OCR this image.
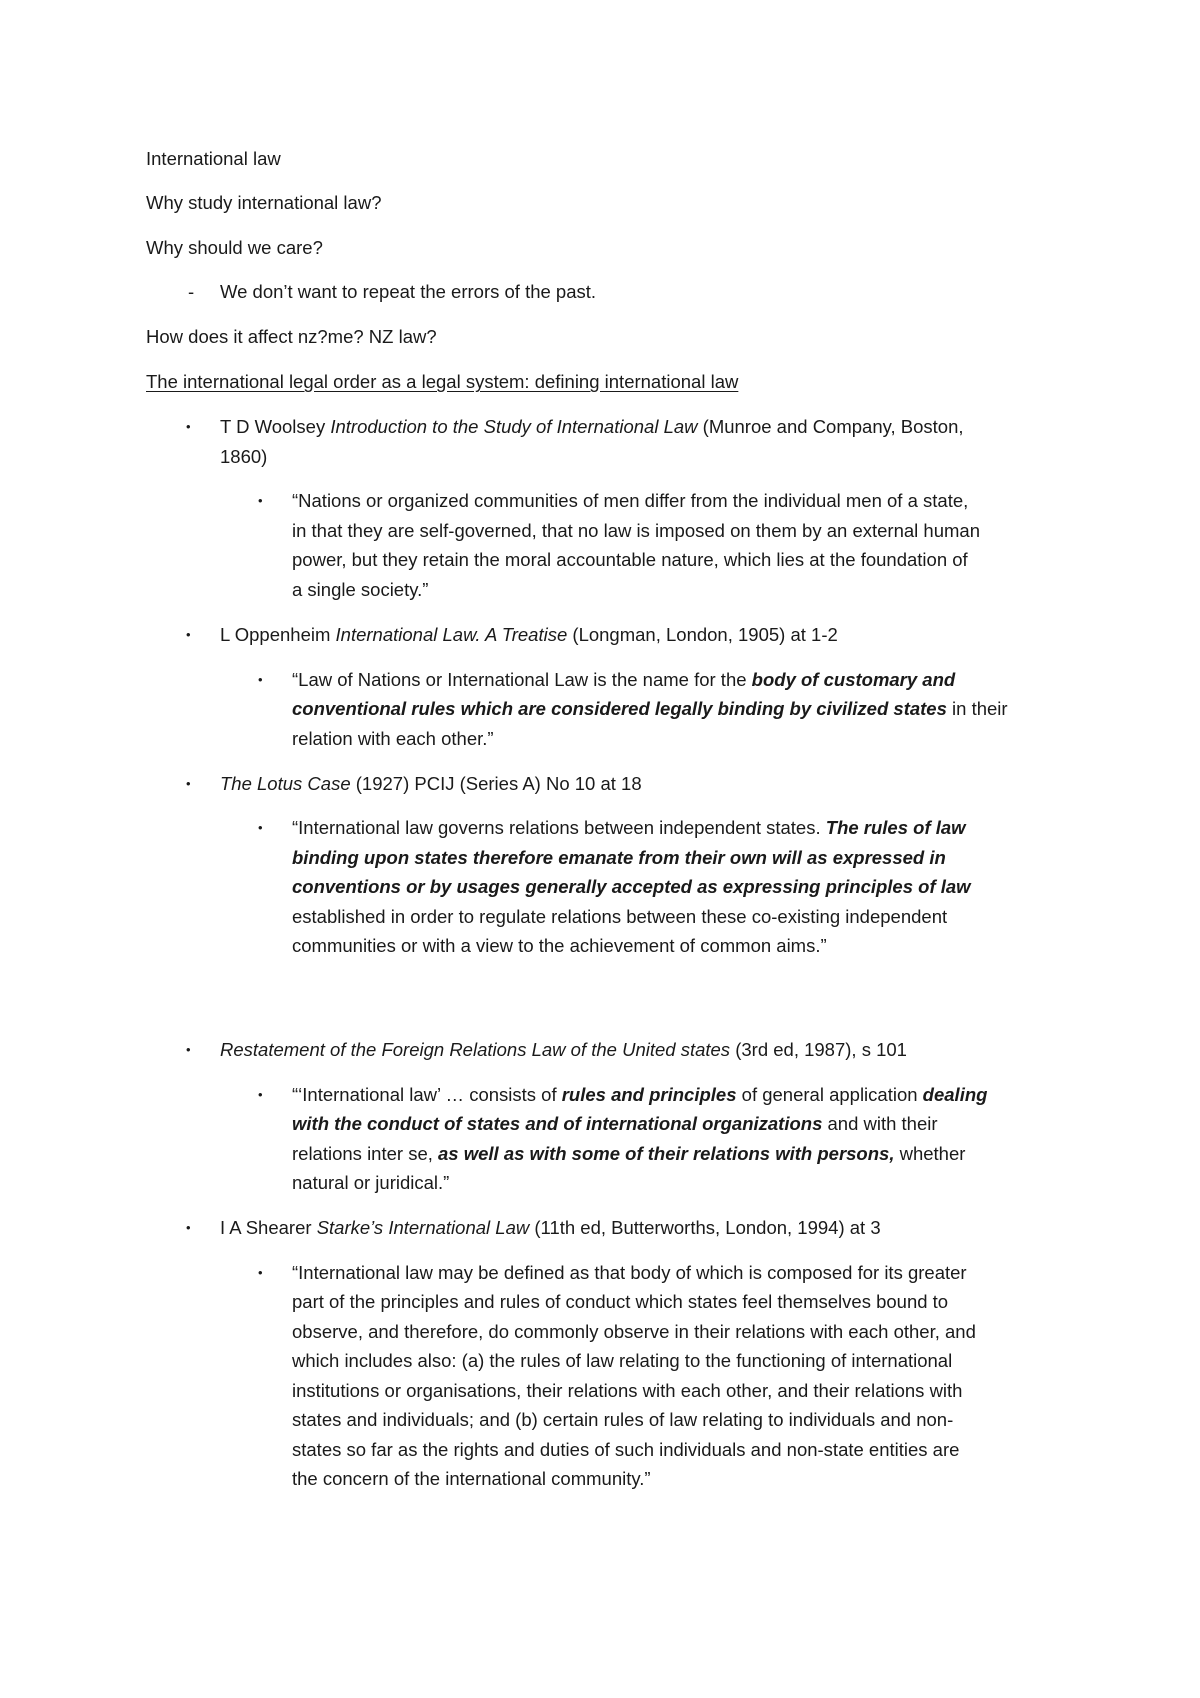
International law
Why study international law?
Why should we care?
- We don’t want to repeat the errors of the past.
How does it affect nz?me? NZ law?
The international legal order as a legal system: defining international law
• T D Woolsey Introduction to the Study of International Law (Munroe and Company, Boston,
1860)
• “Nations or organized communities of men differ from the individual men of a state,
in that they are self-governed, that no law is imposed on them by an external human
power, but they retain the moral accountable nature, which lies at the foundation of
a single society.”
• L Oppenheim International Law. A Treatise (Longman, London, 1905) at 1-2
• “Law of Nations or International Law is the name for the body of customary and
conventional rules which are considered legally binding by civilized states in their
relation with each other.”
• The Lotus Case (1927) PCIJ (Series A) No 10 at 18
• “International law governs relations between independent states. The rules of law
binding upon states therefore emanate from their own will as expressed in
conventions or by usages generally accepted as expressing principles of law
established in order to regulate relations between these co-existing independent
communities or with a view to the achievement of common aims.”
• Restatement of the Foreign Relations Law of the United states (3rd ed, 1987), s 101
• “‘International law’ … consists of rules and principles of general application dealing
with the conduct of states and of international organizations and with their
relations inter se, as well as with some of their relations with persons, whether
natural or juridical.”
• I A Shearer Starke’s International Law (11th ed, Butterworths, London, 1994) at 3
• “International law may be defined as that body of which is composed for its greater
part of the principles and rules of conduct which states feel themselves bound to
observe, and therefore, do commonly observe in their relations with each other, and
which includes also: (a) the rules of law relating to the functioning of international
institutions or organisations, their relations with each other, and their relations with
states and individuals; and (b) certain rules of law relating to individuals and non-
states so far as the rights and duties of such individuals and non-state entities are
the concern of the international community.”
